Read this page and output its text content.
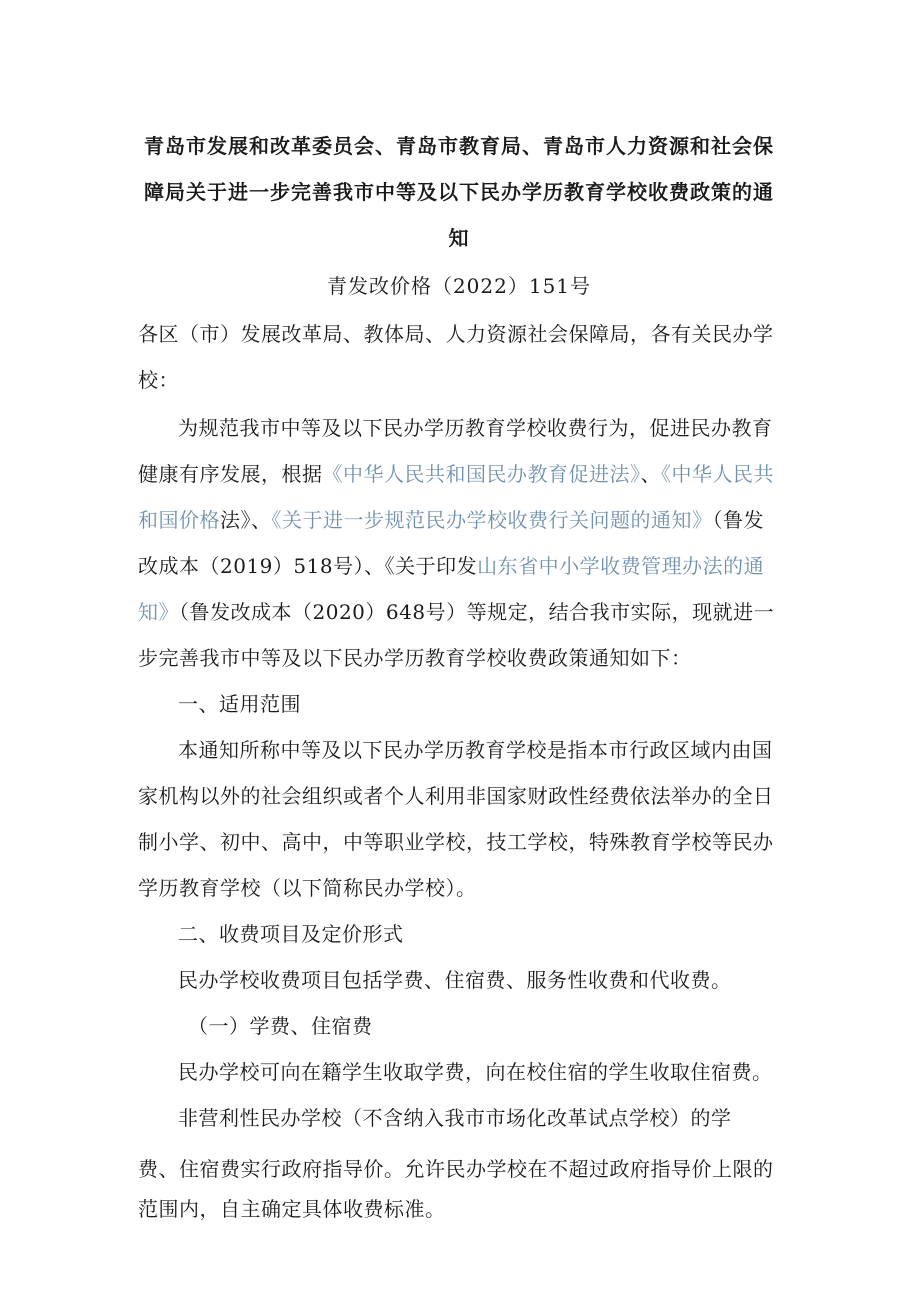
青岛市发展和改革委员会、青岛市教育局、青岛市人力资源和社会保
障局关于进一步完善我市中等及以下民办学历教育学校收费政策的通
知
青发改价格（2022）151号

各区（市）发展改革局、教体局、人力资源社会保障局，各有关民办学校：

为规范我市中等及以下民办学历教育学校收费行为，促进民办教育健康有序发展，根据《中华人民共和国民办教育促进法》、《中华人民共和国价格法》、《关于进一步规范民办学校收费行关问题的通知》（鲁发改成本（2019）518号）、《关于印发山东省中小学收费管理办法的通知》（鲁发改成本（2020）648号）等规定，结合我市实际，现就进一步完善我市中等及以下民办学历教育学校收费政策通知如下：

一、适用范围

本通知所称中等及以下民办学历教育学校是指本市行政区域内由国家机构以外的社会组织或者个人利用非国家财政性经费依法举办的全日制小学、初中、高中，中等职业学校，技工学校，特殊教育学校等民办学历教育学校（以下简称民办学校）。

二、收费项目及定价形式

民办学校收费项目包括学费、住宿费、服务性收费和代收费。

（一）学费、住宿费

民办学校可向在籍学生收取学费，向在校住宿的学生收取住宿费。

非营利性民办学校（不含纳入我市市场化改革试点学校）的学

费、住宿费实行政府指导价。允许民办学校在不超过政府指导价上限的范围内，自主确定具体收费标准。
